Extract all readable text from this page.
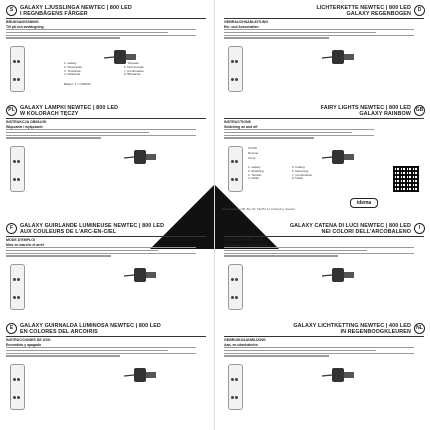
S	GALAXY LJUSSLINGA NEWTEC | 800 LED
I REGNBÅGENS FÄRGER
BRUKSANVISNING
Till på och avstängning
1. Galaxy
2. Gnistrande
3. Tindrande
4. Glittrande
5. Tonande
6. Drömmande
7. Kombination
8. Blinkande
Batteri: 1 × CR2032
LICHTERKETTE NEWTEC | 800 LED
GALAXY REGENBOGEN
D
GEBRAUCHSANLEITUNG
Ein- und Ausschalten
PL GALAXY LAMPKI NEWTEC | 800 LED
W KOLORACH TĘCZY
INSTRUKCJA OBSŁUGI
Włączanie i wyłączanie
FAIRY LIGHTS NEWTEC | 800 LED
GALAXY RAINBOW
GB
INSTRUCTIONS
Switching on and off
On/Off
Dimmer
Timer
1. Galaxy
2. Sparkling
3. Twinkle
4. Glitter
5. Fading
6. Dreaming
7. Combination
8. Flash
idema
Idema Sweden AB, Box 90, SE-551 12 Jönköping, Sweden
F	GALAXY GUIRLANDE LUMINEUSE NEWTEC | 800 LED
AUX COULEURS DE L'ARC-EN-CIEL
MODE D'EMPLOI
Mise en marche et arrêt
GALAXY CATENA DI LUCI NEWTEC | 800 LED
NEI COLORI DELL'ARCOBALENO
I
ISTRUZIONI PER L'USO
Accensione e spegnimento
E	GALAXY GUIRNALDA LUMINOSA NEWTEC | 800 LED
EN COLORES DEL ARCOIRIS
INSTRUCCIONES DE USO
Encendido y apagado
GALAXY LICHTKETTING NEWTEC | 400 LED
IN REGENBOOGKLEUREN
NL
GEBRUIKSAANWIJZING
Aan- en uitschakelen
